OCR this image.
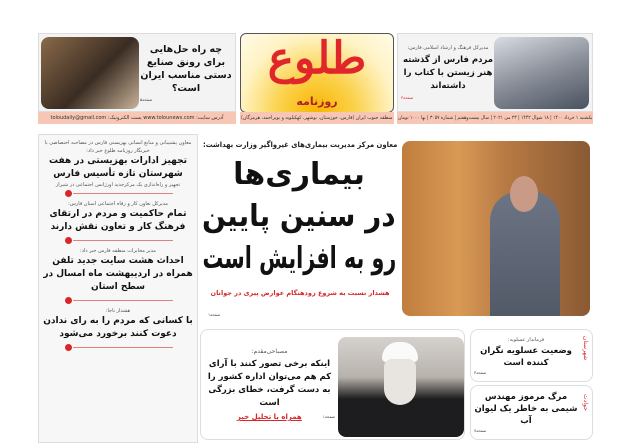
چه راه حل‌هایی برای رونق صنایع دستی مناسب ایران است؟
صفحه۵
طلوع
روزنامه
مدیرکل فرهنگ و ارشاد اسلامی فارس:
مردم فارس از گذشته هنر زیستن با کتاب را داشته‌اند
صفحه۳
آدرس سایت: www.tolounews.com پست الکترونیک: toloudaily@gmail.com	منطقه جنوب ایران (فارس، خوزستان، بوشهر، کهکیلویه و بویراحمد، هرمزگان) یکشنبه ۱ خرداد ۱۴۰۰ | ۱۸ شوال ۱۴۴۲ | ۲۳ می ۲۰۲۱ | سال بیست‌وهفتم | شماره ۳۰۵۷ | بها ۱۰۰۰ تومان
معاون پشتیبانی و منابع انسانی بهزیستی فارس در مصاحبه اختصاصی با خبرنگار روزنامه طلوع خبر داد:
تجهیز ادارات بهزیستی در هفت شهرستان تازه تأسیس فارس
تجهیز و راه‌اندازی یک مرکزجدید اورژانس اجتماعی در شیراز
مدیرکل تعاون کار و رفاه اجتماعی استان فارس:
تمام حاکمیت و مردم در ارتقای فرهنگ کار و تعاون نقش دارند
مدیر مخابرات منطقه فارس خبر داد:
احداث هشت سایت جدید تلفن همراه در اردیبهشت ماه امسال در سطح استان
هشدار ناجا:
با کسانی که مردم را به رای ندادن دعوت کنند برخورد می‌شود
معاون مرکز مدیریت بیماری‌های غیرواگیر وزارت بهداشت:
بیماری‌ها
در سنین پایین
رو به افزایش است
هشدار نسبت به شروع زودهنگام عوارض پیری در جوانان
صفحه۱
مصباحی‌مقدم:
اینکه برخی تصور کنند با آرای کم هم می‌توان اداره کشور را به دست گرفت، خطای بزرگی است
صفحه۱
همراه با تحلیل خبر
شهرستان
فرماندار عسلویه:
وضعیت عسلویه نگران کننده است
صفحه۳
حوادث
مرگ مرموز مهندس شیمی به خاطر یک لیوان آب
صفحه۷
